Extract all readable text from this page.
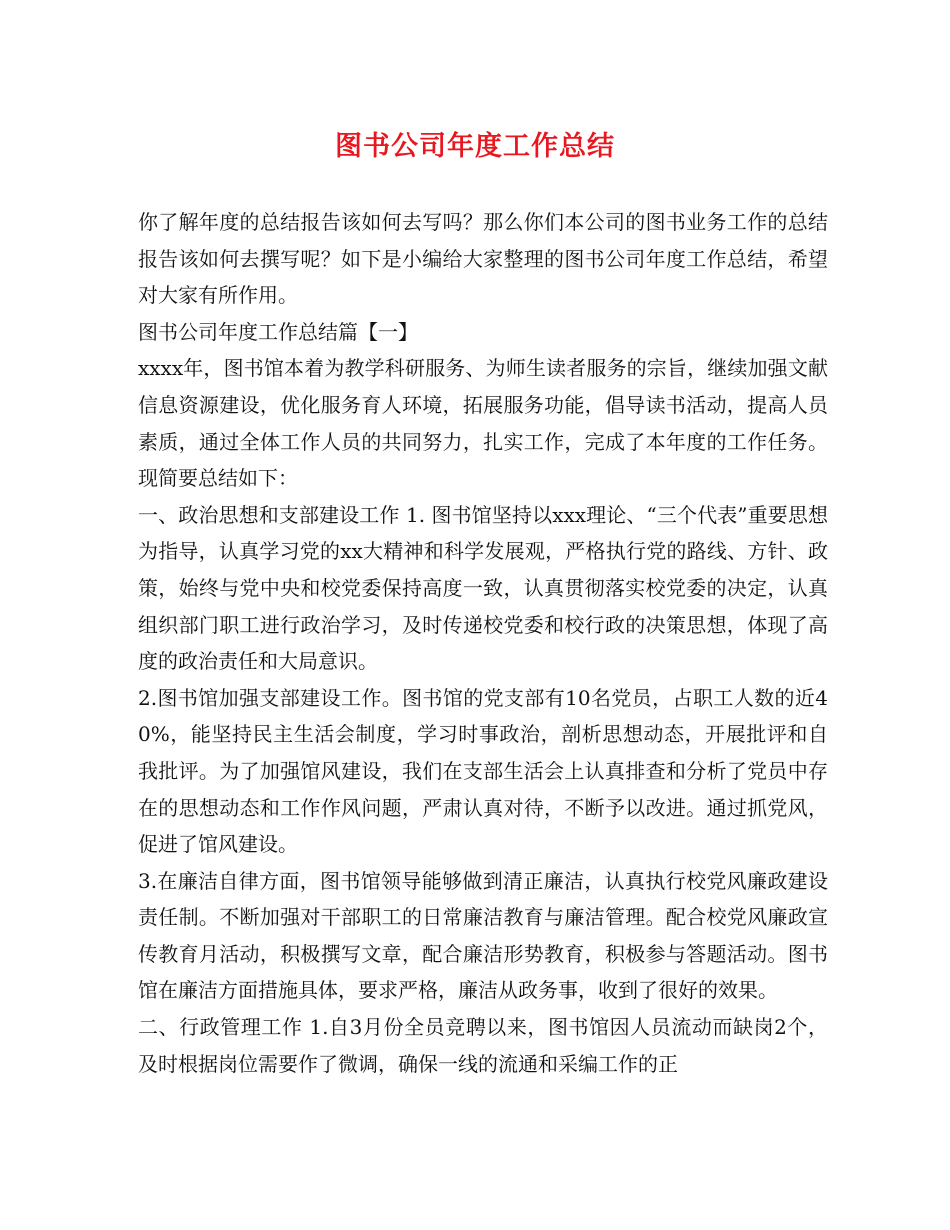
图书公司年度工作总结

你了解年度的总结报告该如何去写吗？那么你们本公司的图书业务工作的总结报告该如何去撰写呢？如下是小编给大家整理的图书公司年度工作总结，希望对大家有所作用。

图书公司年度工作总结篇【一】

xxxx年，图书馆本着为教学科研服务、为师生读者服务的宗旨，继续加强文献信息资源建设，优化服务育人环境，拓展服务功能，倡导读书活动，提高人员素质，通过全体工作人员的共同努力，扎实工作，完成了本年度的工作任务。现简要总结如下：

一、政治思想和支部建设工作 1. 图书馆坚持以xxx理论、“三个代表”重要思想为指导，认真学习党的xx大精神和科学发展观，严格执行党的路线、方针、政策，始终与党中央和校党委保持高度一致，认真贯彻落实校党委的决定，认真组织部门职工进行政治学习，及时传递校党委和校行政的决策思想，体现了高度的政治责任和大局意识。

2.图书馆加强支部建设工作。图书馆的党支部有10名党员，占职工人数的近40%，能坚持民主生活会制度，学习时事政治，剖析思想动态，开展批评和自我批评。为了加强馆风建设，我们在支部生活会上认真排查和分析了党员中存在的思想动态和工作作风问题，严肃认真对待，不断予以改进。通过抓党风，促进了馆风建设。

3.在廉洁自律方面，图书馆领导能够做到清正廉洁，认真执行校党风廉政建设责任制。不断加强对干部职工的日常廉洁教育与廉洁管理。配合校党风廉政宣传教育月活动，积极撰写文章，配合廉洁形势教育，积极参与答题活动。图书馆在廉洁方面措施具体，要求严格，廉洁从政务事，收到了很好的效果。

二、行政管理工作 1.自3月份全员竞聘以来，图书馆因人员流动而缺岗2个，及时根据岗位需要作了微调，确保一线的流通和采编工作的正
